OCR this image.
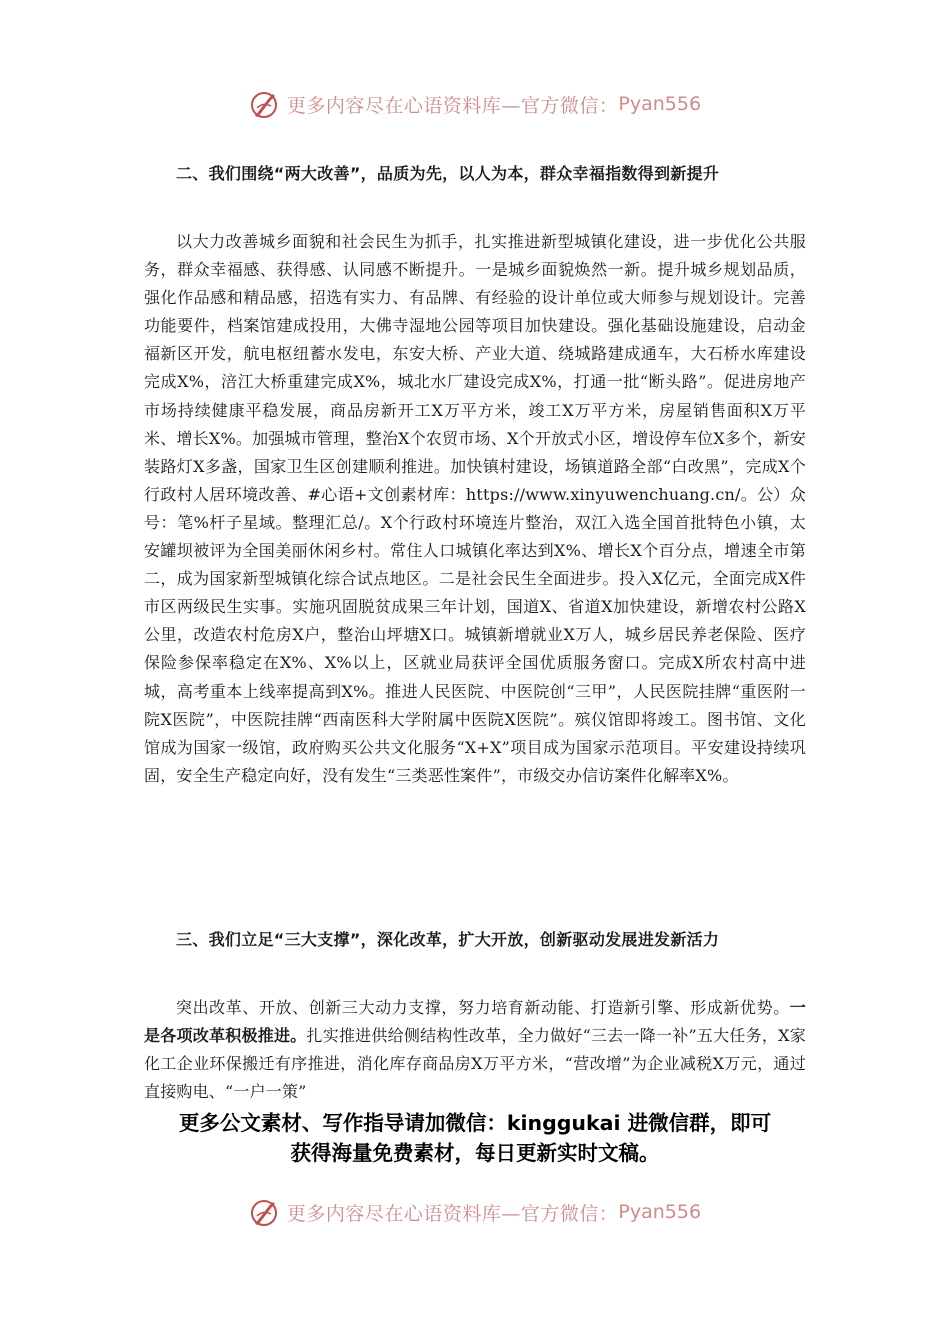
更多内容尽在心语资料库—官方微信： Pyan556

二、我们围绕“两大改善”，品质为先，以人为本，群众幸福指数得到新提升

以大力改善城乡面貌和社会民生为抓手，扎实推进新型城镇化建设，进一步优化公共服务，群众幸福感、获得感、认同感不断提升。一是城乡面貌焕然一新。提升城乡规划品质，强化作品感和精品感，招选有实力、有品牌、有经验的设计单位或大师参与规划设计。完善功能要件，档案馆建成投用，大佛寺湿地公园等项目加快建设。强化基础设施建设，启动金福新区开发，航电枢纽蓄水发电，东安大桥、产业大道、绕城路建成通车，大石桥水库建设完成X%，涪江大桥重建完成X%，城北水厂建设完成X%，打通一批“断头路”。促进房地产市场持续健康平稳发展，商品房新开工X万平方米，竣工X万平方米，房屋销售面积X万平米、增长X%。加强城市管理，整治X个农贸市场、X个开放式小区，增设停车位X多个，新安装路灯X多盏，国家卫生区创建顺利推进。加快镇村建设，场镇道路全部“白改黑”，完成X个行政村人居环境改善、#心语+文创素材库：https://www.xinyuwenchuang.cn/。公）众号：笔%杆子星域。整理汇总/。X个行政村环境连片整治，双江入选全国首批特色小镇，太安罐坝被评为全国美丽休闲乡村。常住人口城镇化率达到X%、增长X个百分点，增速全市第二，成为国家新型城镇化综合试点地区。二是社会民生全面进步。投入X亿元，全面完成X件市区两级民生实事。实施巩固脱贫成果三年计划，国道X、省道X加快建设，新增农村公路X公里，改造农村危房X户，整治山坪塘X口。城镇新增就业X万人，城乡居民养老保险、医疗保险参保率稳定在X%、X%以上，区就业局获评全国优质服务窗口。完成X所农村高中进城，高考重本上线率提高到X%。推进人民医院、中医院创“三甲”，人民医院挂牌“重医附一院X医院”，中医院挂牌“西南医科大学附属中医院X医院”。殡仪馆即将竣工。图书馆、文化馆成为国家一级馆，政府购买公共文化服务“X+X”项目成为国家示范项目。平安建设持续巩固，安全生产稳定向好，没有发生“三类恶性案件”，市级交办信访案件化解率X%。

三、我们立足“三大支撑”，深化改革，扩大开放，创新驱动发展进发新活力

突出改革、开放、创新三大动力支撑，努力培育新动能、打造新引擎、形成新优势。一是各项改革积极推进。扎实推进供给侧结构性改革，全力做好“三去一降一补”五大任务，X家化工企业环保搬迁有序推进，消化库存商品房X万平方米，“营改增”为企业减税X万元，通过直接购电、“一户一策”

更多公文素材、写作指导请加微信：kinggukai 进微信群，即可
获得海量免费素材，每日更新实时文稿。
更多内容尽在心语资料库—官方微信： Pyan556
